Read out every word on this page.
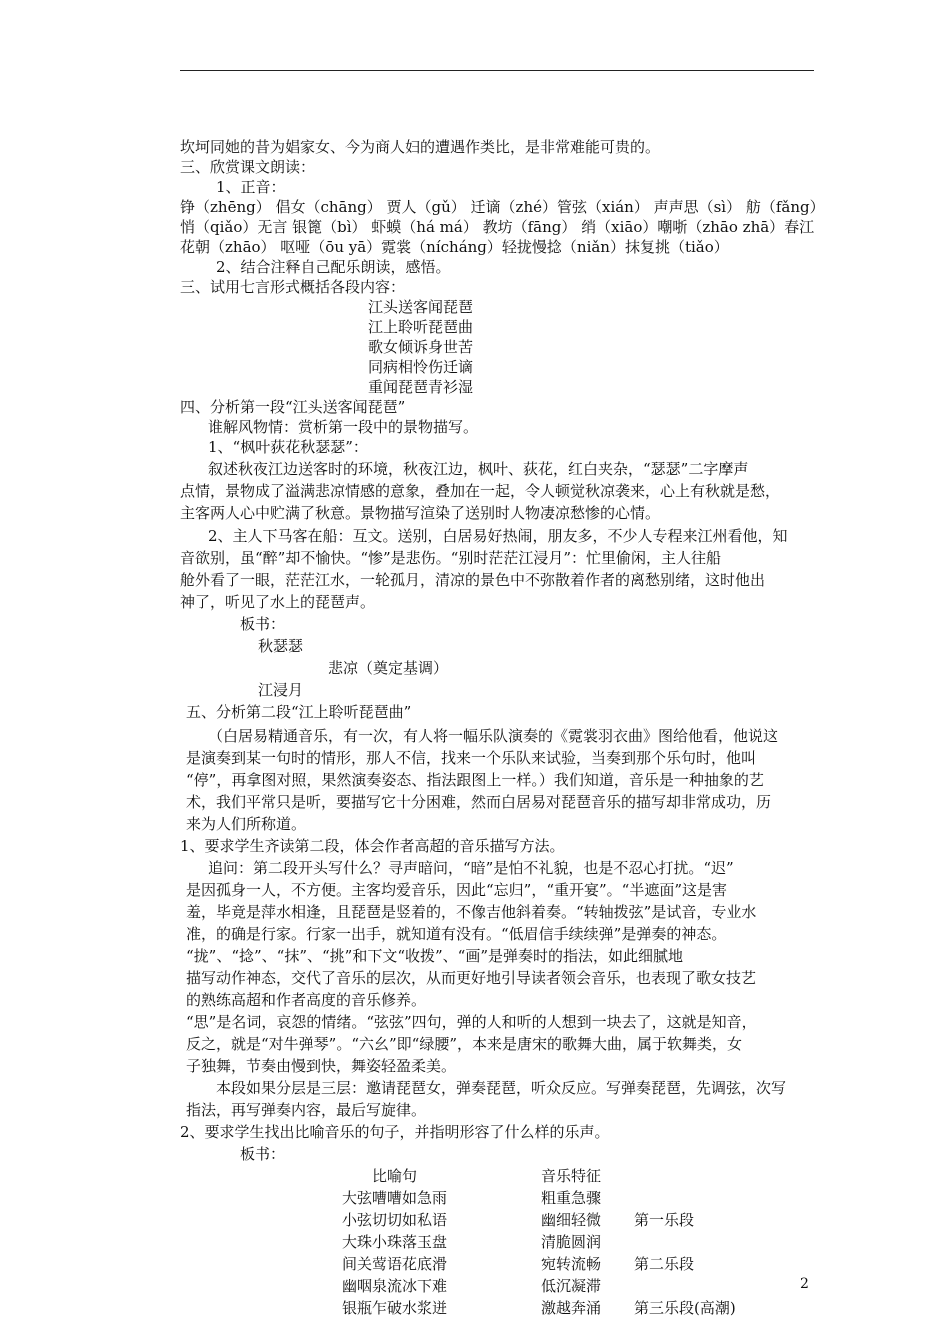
坎坷同她的昔为娼家女、今为商人妇的遭遇作类比，是非常难能可贵的。
三、欣赏课文朗读：
1、正音：
铮（zhēng） 倡女（chāng） 贾人（gǔ） 迁谪（zhé）管弦（xián） 声声思（sì） 舫（fǎng）
悄（qiǎo）无言 银篦（bì） 虾蟆（há má） 教坊（fāng） 绡（xiāo）嘲哳（zhāo zhā）春江
花朝（zhāo） 呕哑（ōu yā）霓裳（níchánɡ）轻拢慢捻（niǎn）抹复挑（tiǎo）
2、结合注释自己配乐朗读，感悟。
三、试用七言形式概括各段内容：
江头送客闻琵琶
江上聆听琵琶曲
歌女倾诉身世苦
同病相怜伤迁谪
重闻琵琶青衫湿
四、分析第一段“江头送客闻琵琶”
谁解风物情：赏析第一段中的景物描写。
1、“枫叶荻花秋瑟瑟”：
叙述秋夜江边送客时的环境，秋夜江边，枫叶、荻花，红白夹杂，“瑟瑟”二字摩声
点情，景物成了溢满悲凉情感的意象，叠加在一起，令人顿觉秋凉袭来，心上有秋就是愁，
主客两人心中贮满了秋意。景物描写渲染了送别时人物凄凉愁惨的心情。
2、主人下马客在船：互文。送别，白居易好热闹，朋友多，不少人专程来江州看他，知
音欲别，虽“醉”却不愉快。“惨”是悲伤。“别时茫茫江浸月”：忙里偷闲，主人往船
舱外看了一眼，茫茫江水，一轮孤月，清凉的景色中不弥散着作者的离愁别绪，这时他出
神了，听见了水上的琵琶声。
板书：
秋瑟瑟
悲凉（奠定基调）
江浸月
五、分析第二段“江上聆听琵琶曲”
（白居易精通音乐，有一次，有人将一幅乐队演奏的《霓裳羽衣曲》图给他看，他说这
是演奏到某一句时的情形，那人不信，找来一个乐队来试验，当奏到那个乐句时，他叫
“停”，再拿图对照，果然演奏姿态、指法跟图上一样。）我们知道，音乐是一种抽象的艺
术，我们平常只是听，要描写它十分困难，然而白居易对琵琶音乐的描写却非常成功，历
来为人们所称道。
1、要求学生齐读第二段，体会作者高超的音乐描写方法。
追问：第二段开头写什么？寻声暗问，“暗”是怕不礼貌，也是不忍心打扰。“迟”
是因孤身一人，不方便。主客均爱音乐，因此“忘归”，“重开宴”。“半遮面”这是害
羞，毕竟是萍水相逢，且琵琶是竖着的，不像吉他斜着奏。“转轴拨弦”是试音，专业水
准，的确是行家。行家一出手，就知道有没有。“低眉信手续续弹”是弹奏的神态。
“拢”、“捻”、“抹”、“挑”和下文“收拨”、“画”是弹奏时的指法，如此细腻地
描写动作神态，交代了音乐的层次，从而更好地引导读者领会音乐，也表现了歌女技艺
的熟练高超和作者高度的音乐修养。
“思”是名词，哀怨的情绪。“弦弦”四句，弹的人和听的人想到一块去了，这就是知音，
反之，就是“对牛弹琴”。“六幺”即“绿腰”，本来是唐宋的歌舞大曲，属于软舞类，女
子独舞，节奏由慢到快，舞姿轻盈柔美。
本段如果分层是三层：邀请琵琶女，弹奏琵琶，听众反应。写弹奏琵琶，先调弦，次写
指法，再写弹奏内容，最后写旋律。
2、要求学生找出比喻音乐的句子，并指明形容了什么样的乐声。
板书：
比喻句	音乐特征
大弦嘈嘈如急雨	粗重急骤
小弦切切如私语	幽细轻微 第一乐段
大珠小珠落玉盘	清脆圆润
间关莺语花底滑	宛转流畅 第二乐段
幽咽泉流冰下难	低沉凝滞
银瓶乍破水浆迸	激越奔涌 第三乐段(高潮)
2
